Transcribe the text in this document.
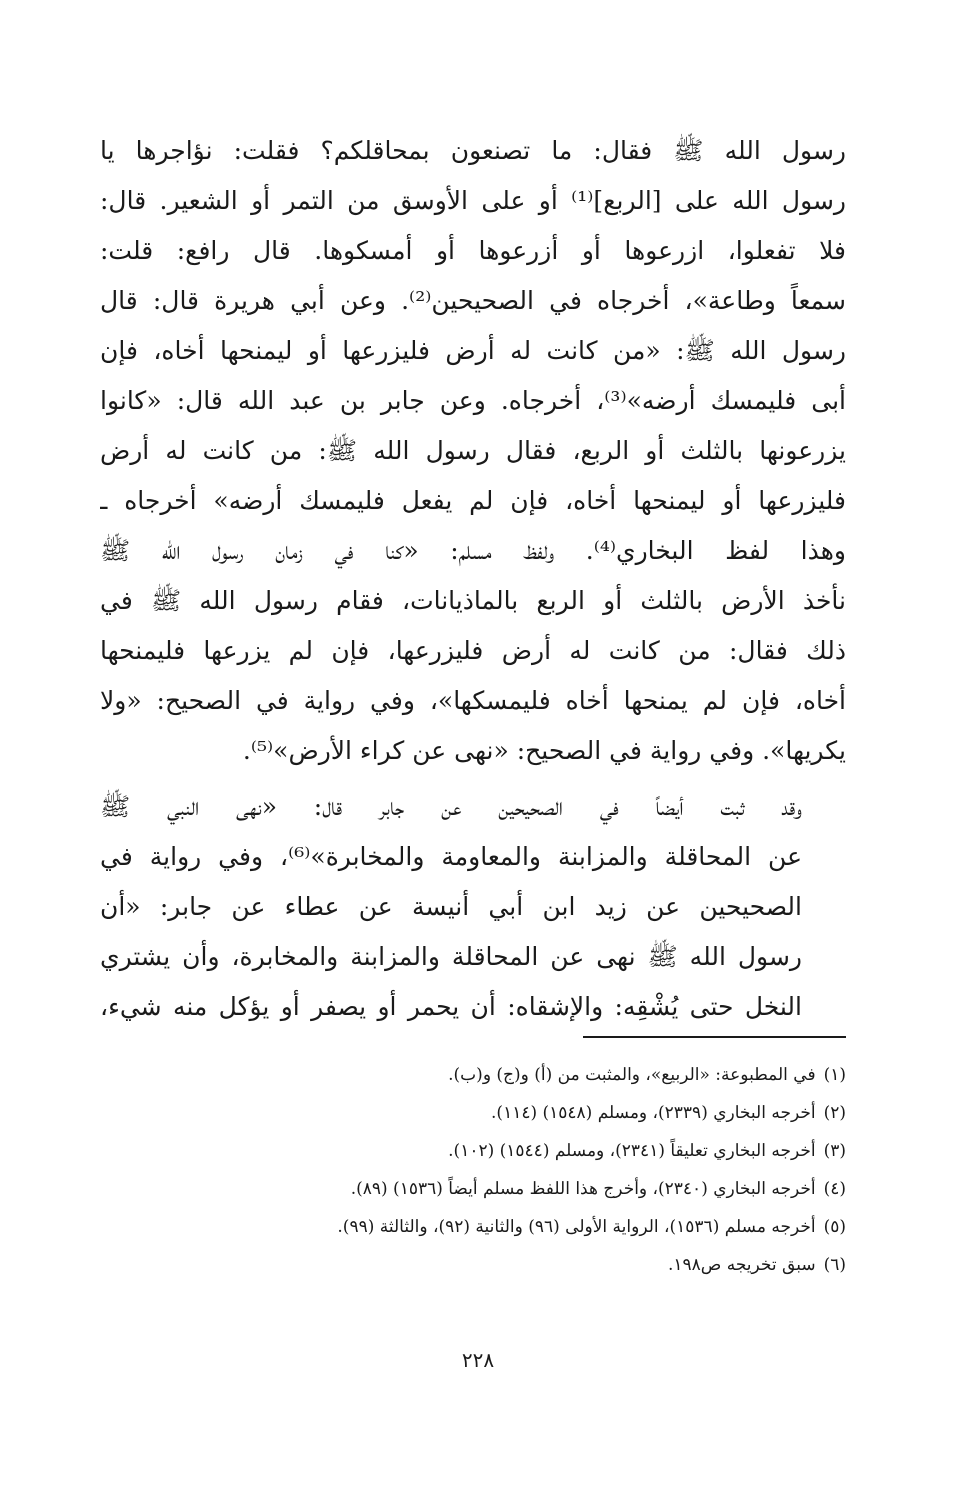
رسول الله ﷺ فقال: ما تصنعون بمحاقلكم؟ فقلت: نؤاجرها يا
رسول الله على [الربع]⁽¹⁾ أو على الأوسق من التمر أو الشعير. قال:
فلا تفعلوا، ازرعوها أو أزرعوها أو أمسكوها. قال رافع: قلت:
سمعاً وطاعة»، أخرجاه في الصحيحين⁽²⁾. وعن أبي هريرة قال: قال
رسول الله ﷺ: «من كانت له أرض فليزرعها أو ليمنحها أخاه، فإن
أبى فليمسك أرضه»⁽³⁾، أخرجاه. وعن جابر بن عبد الله قال: «كانوا
يزرعونها بالثلث أو الربع، فقال رسول الله ﷺ: من كانت له أرض
فليزرعها أو ليمنحها أخاه، فإن لم يفعل فليمسك أرضه» أخرجاه ـ
وهذا لفظ البخاري⁽⁴⁾. ولفظ مسلم: «كنا في زمان رسول الله ﷺ
نأخذ الأرض بالثلث أو الربع بالماذيانات، فقام رسول الله ﷺ في
ذلك فقال: من كانت له أرض فليزرعها، فإن لم يزرعها فليمنحها
أخاه، فإن لم يمنحها أخاه فليمسكها»، وفي رواية في الصحيح: «ولا
يكريها». وفي رواية في الصحيح: «نهى عن كراء الأرض»⁽⁵⁾.
وقد ثبت أيضاً في الصحيحين عن جابر قال: «نهى النبي ﷺ
عن المحاقلة والمزابنة والمعاومة والمخابرة»⁽⁶⁾، وفي رواية في
الصحيحين عن زيد ابن أبي أنيسة عن عطاء عن جابر: «أن
رسول الله ﷺ نهى عن المحاقلة والمزابنة والمخابرة، وأن يشتري
النخل حتى يُشْقِه: والإشقاه: أن يحمر أو يصفر أو يؤكل منه شيء،
(١)في المطبوعة: «الربيع»، والمثبت من (أ) و(ج) و(ب).
(٢)أخرجه البخاري (٢٣٣٩)، ومسلم (١٥٤٨) (١١٤).
(٣)أخرجه البخاري تعليقاً (٢٣٤١)، ومسلم (١٥٤٤) (١٠٢).
(٤)أخرجه البخاري (٢٣٤٠)، وأخرج هذا اللفظ مسلم أيضاً (١٥٣٦) (٨٩).
(٥)أخرجه مسلم (١٥٣٦)، الرواية الأولى (٩٦) والثانية (٩٢)، والثالثة (٩٩).
(٦)سبق تخريجه ص١٩٨.
٢٢٨
